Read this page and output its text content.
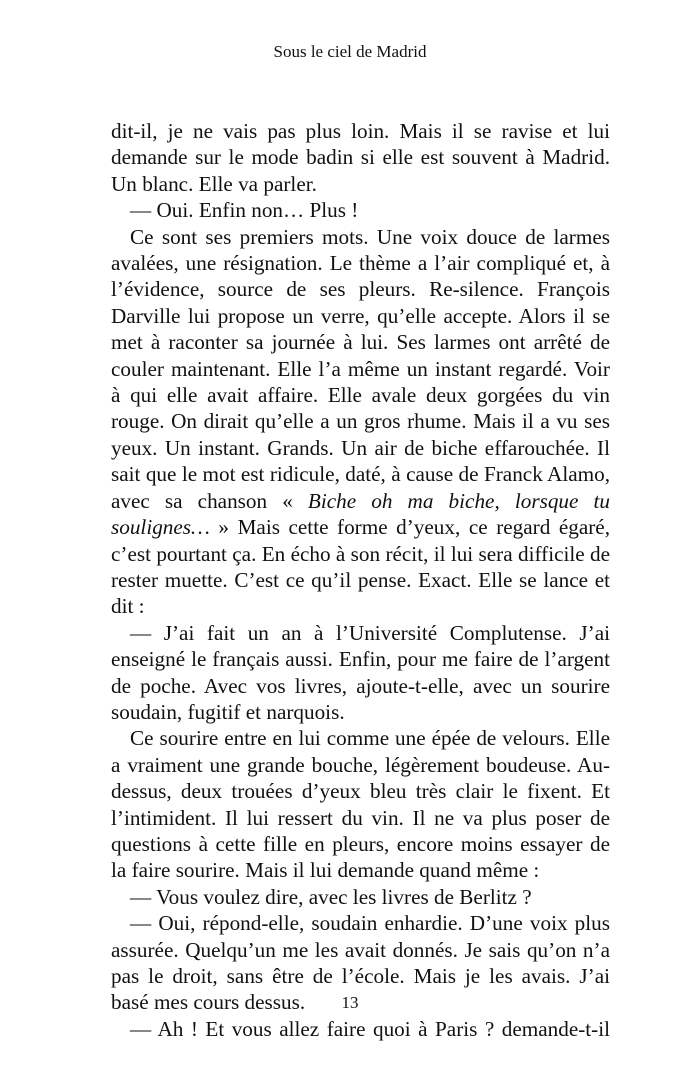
Sous le ciel de Madrid

dit-il, je ne vais pas plus loin. Mais il se ravise et lui demande sur le mode badin si elle est souvent à Madrid. Un blanc. Elle va parler.

— Oui. Enfin non… Plus !

Ce sont ses premiers mots. Une voix douce de larmes avalées, une résignation. Le thème a l’air compliqué et, à l’évidence, source de ses pleurs. Re-silence. François Darville lui propose un verre, qu’elle accepte. Alors il se met à raconter sa journée à lui. Ses larmes ont arrêté de couler maintenant. Elle l’a même un instant regardé. Voir à qui elle avait affaire. Elle avale deux gorgées du vin rouge. On dirait qu’elle a un gros rhume. Mais il a vu ses yeux. Un instant. Grands. Un air de biche effarouchée. Il sait que le mot est ridicule, daté, à cause de Franck Alamo, avec sa chanson « Biche oh ma biche, lorsque tu soulignes… » Mais cette forme d’yeux, ce regard égaré, c’est pourtant ça. En écho à son récit, il lui sera difficile de rester muette. C’est ce qu’il pense. Exact. Elle se lance et dit :

— J’ai fait un an à l’Université Complutense. J’ai enseigné le français aussi. Enfin, pour me faire de l’argent de poche. Avec vos livres, ajoute-t-elle, avec un sourire soudain, fugitif et narquois.

Ce sourire entre en lui comme une épée de velours. Elle a vraiment une grande bouche, légèrement boudeuse. Au-dessus, deux trouées d’yeux bleu très clair le fixent. Et l’intimident. Il lui ressert du vin. Il ne va plus poser de questions à cette fille en pleurs, encore moins essayer de la faire sourire. Mais il lui demande quand même :

— Vous voulez dire, avec les livres de Berlitz ?

— Oui, répond-elle, soudain enhardie. D’une voix plus assurée. Quelqu’un me les avait donnés. Je sais qu’on n’a pas le droit, sans être de l’école. Mais je les avais. J’ai basé mes cours dessus.

— Ah ! Et vous allez faire quoi à Paris ? demande-t-il

13
